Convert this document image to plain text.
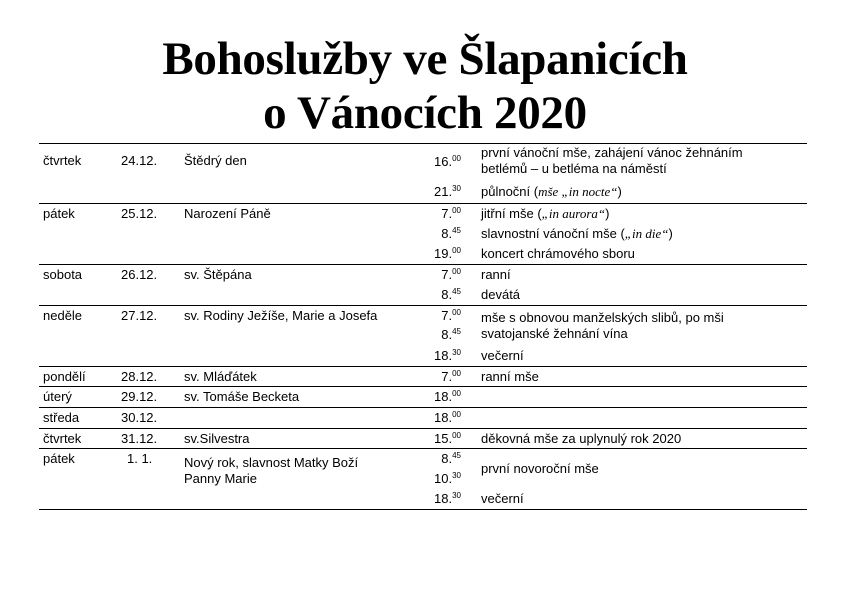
Bohoslužby ve Šlapanicích
o Vánocích 2020
čtvrtek	24.12. Štědrý den	16.00 první vánoční mše, zahájení vánoc žehnáním
betlémů – u betléma na náměstí
21.30 půlnoční (mše „in nocte“)
pátek	25.12. Narození Páně	7.00 jitřní mše („in aurora“)
8.45 slavnostní vánoční mše („in die“)
19.00 koncert chrámového sboru
sobota	26.12. sv. Štěpána	7.00 ranní
8.45 devátá
neděle	27.12. sv. Rodiny Ježíše, Marie a Josefa	7.00 mše s obnovou manželských slibů, po mši
8.45 svatojanské žehnání vína
18.30 večerní
pondělí	28.12. sv. Mláďátek	7.00 ranní mše
úterý	29.12. sv. Tomáše Becketa	18.00
středa	30.12.	18.00
čtvrtek	31.12. sv.Silvestra	15.00 děkovná mše za uplynulý rok 2020
pátek	1. 1. Nový rok, slavnost Matky Boží
Panny Marie
8.45
10.30 první novoroční mše
18.30 večerní
